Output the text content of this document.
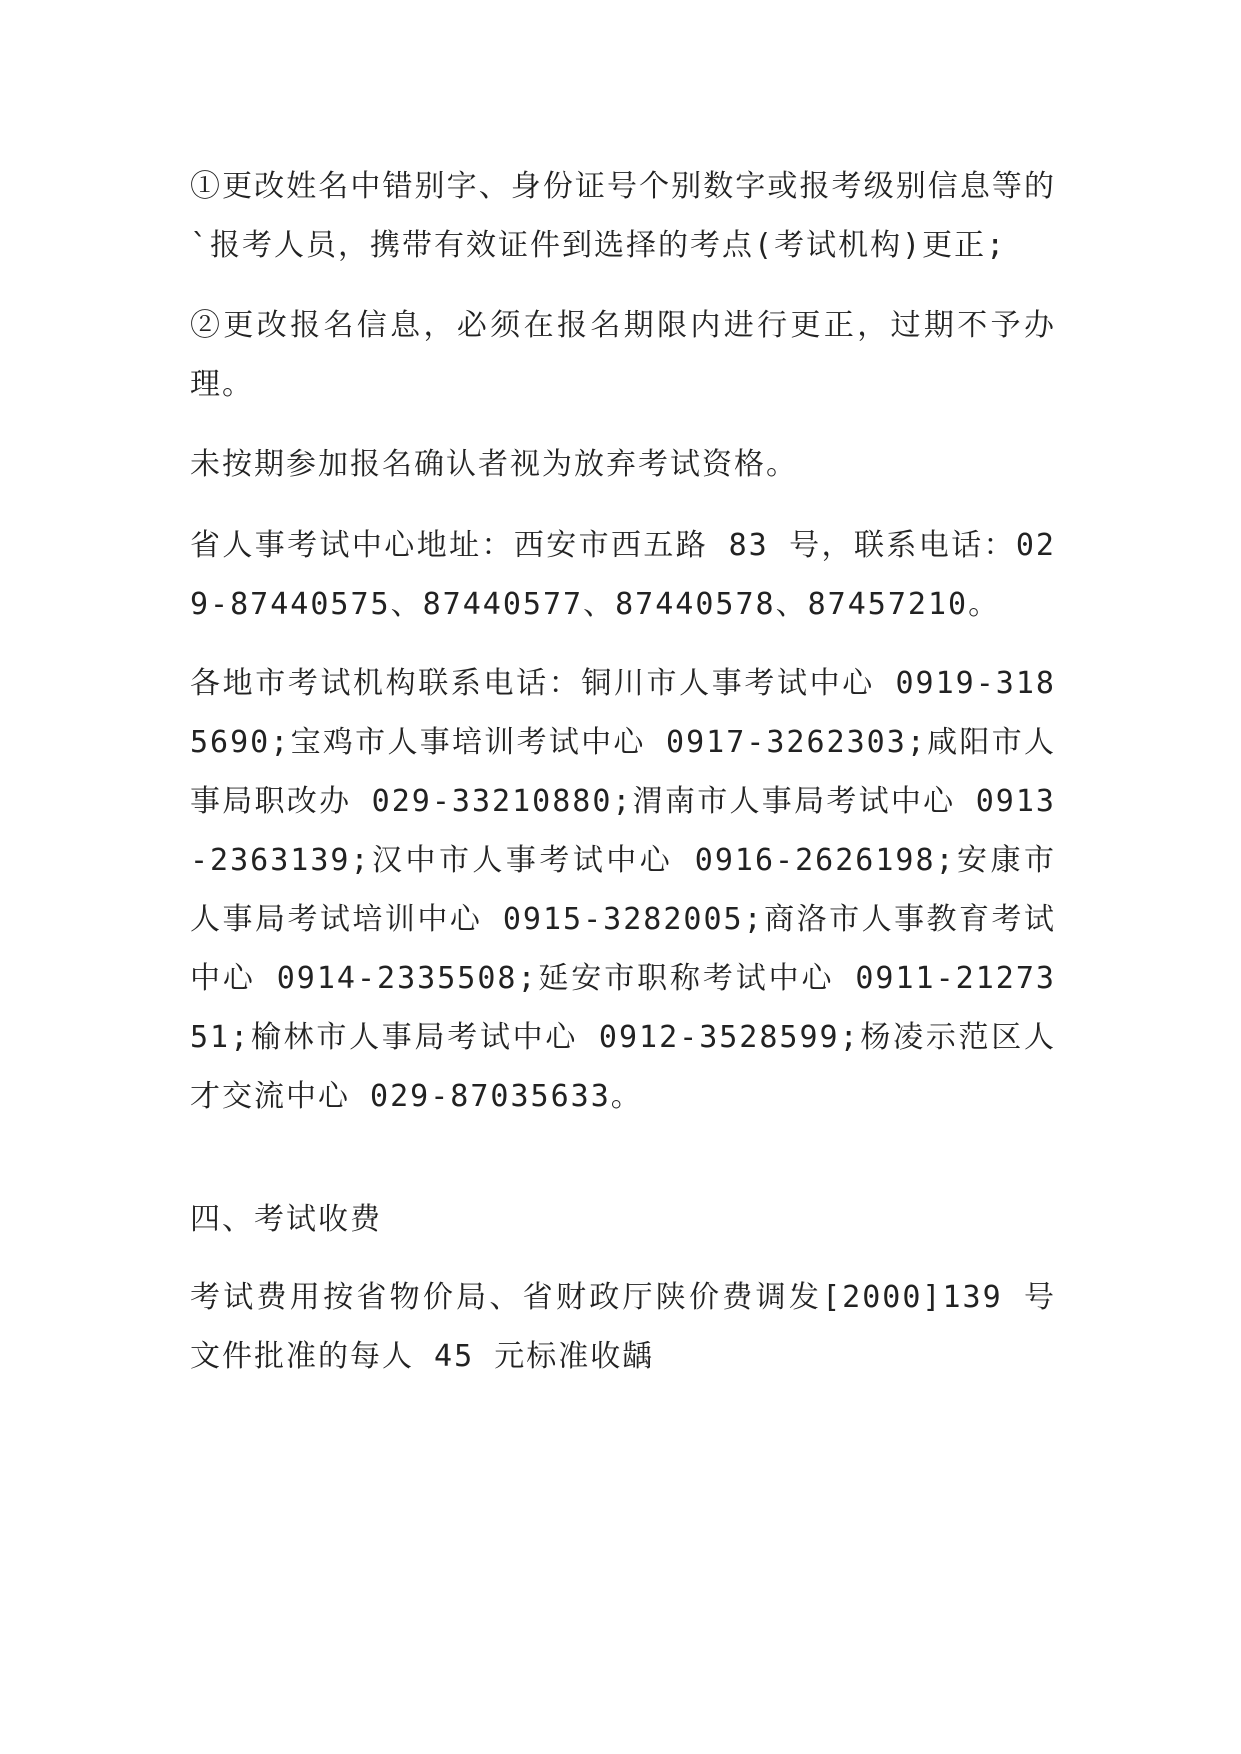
①更改姓名中错别字、身份证号个别数字或报考级别信息等的`报考人员，携带有效证件到选择的考点(考试机构)更正;

②更改报名信息，必须在报名期限内进行更正，过期不予办理。

未按期参加报名确认者视为放弃考试资格。

省人事考试中心地址：西安市西五路 83 号，联系电话：029-87440575、87440577、87440578、87457210。

各地市考试机构联系电话：铜川市人事考试中心 0919-3185690;宝鸡市人事培训考试中心 0917-3262303;咸阳市人事局职改办 029-33210880;渭南市人事局考试中心 0913-2363139;汉中市人事考试中心 0916-2626198;安康市人事局考试培训中心 0915-3282005;商洛市人事教育考试中心 0914-2335508;延安市职称考试中心 0911-2127351;榆林市人事局考试中心 0912-3528599;杨凌示范区人才交流中心 029-87035633。

四、考试收费

考试费用按省物价局、省财政厅陕价费调发[2000]139 号文件批准的每人 45 元标准收龋
